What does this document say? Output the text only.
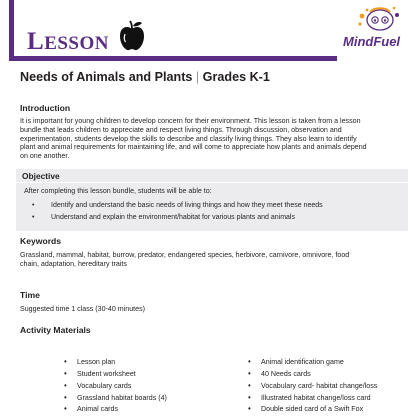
LESSON	MindFuel
Needs of Animals and Plants | Grades K-1
Introduction
It is important for young children to develop concern for their environment. This lesson is taken from a lesson
bundle that leads children to appreciate and respect living things. Through discussion, observation and
experimentation, students develop the skills to describe and classify living things. They also learn to identify
plant and animal requirements for maintaining life, and will come to appreciate how plants and animals depend
on one another.
Objective
After completing this lesson bundle, students will be able to:
• Identify and understand the basic needs of living things and how they meet these needs
• Understand and explain the environment/habitat for various plants and animals
Keywords
Grassland, mammal, habitat, burrow, predator, endangered species, herbivore, carnivore, omnivore, food
chain, adaptation, hereditary traits
Time
Suggested time 1 class (30-40 minutes)
Activity Materials
• Lesson plan
• Student worksheet
• Vocabulary cards
• Grassland habitat boards (4)
• Animal cards
• Animal identification game
• 40 Needs cards
• Vocabulary card- habitat change/loss
• Illustrated habitat change/loss card
• Double sided card of a Swift Fox
